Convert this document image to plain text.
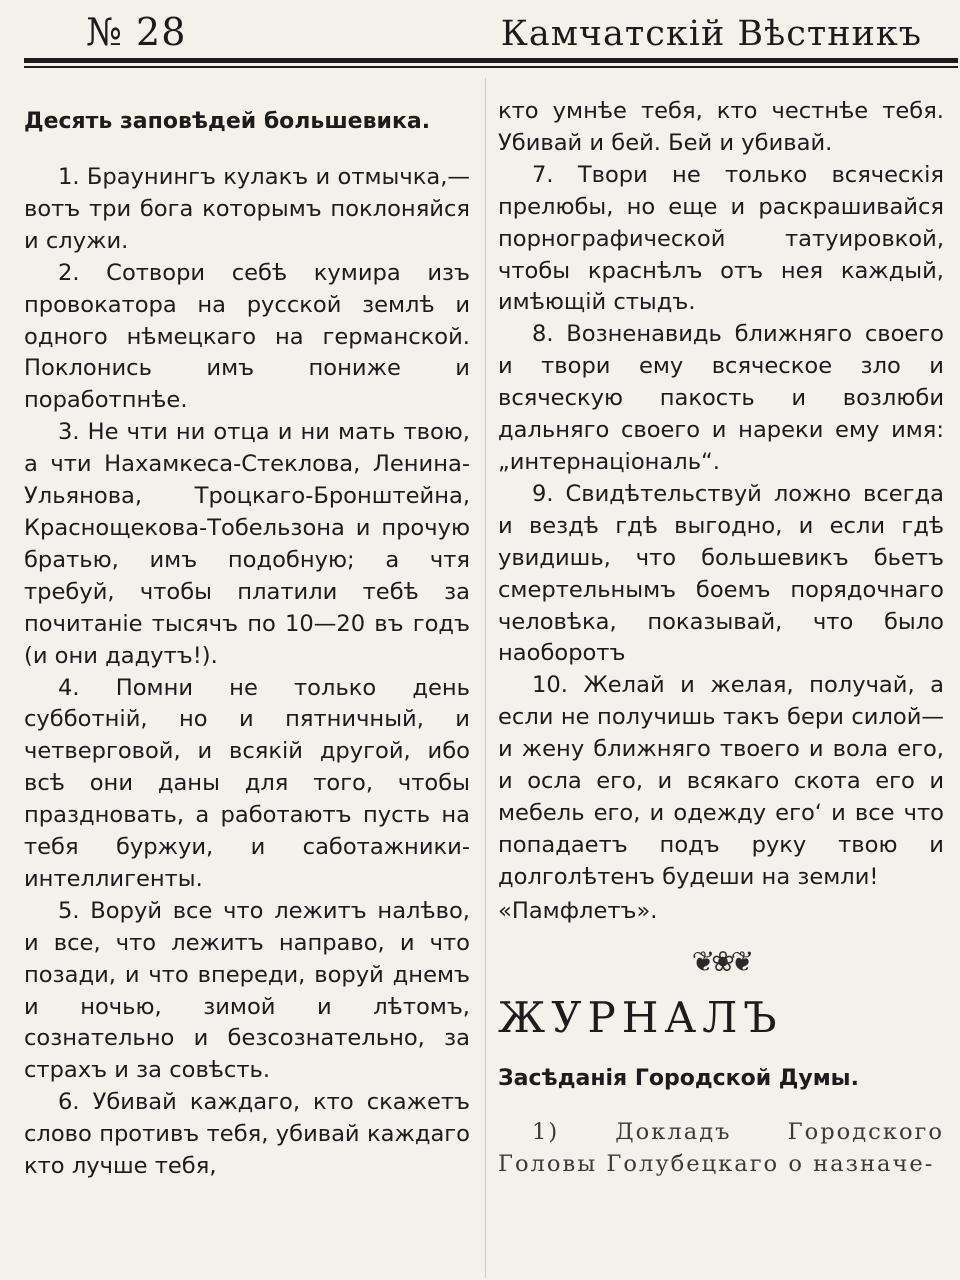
№ 28	Камчатскій Вѣстникъ

Десять заповѣдей большевика.

1. Браунингъ кулакъ и отмычка,— вотъ три бога которымъ поклоняйся и служи.

2. Сотвори себѣ кумира изъ провокатора на русской землѣ и одного нѣмецкаго на германской. Поклонись имъ пониже и поработпнѣе.

3. Не чти ни отца и ни мать твою, а чти Нахамкеса-Стеклова, Ленина-Ульянова, Троцкаго-Бронштейна, Краснощекова-Тобельзона и прочую братью, имъ подобную; а чтя требуй, чтобы платили тебѣ за почитаніе тысячъ по 10—20 въ годъ (и они дадутъ!).

4. Помни не только день субботній, но и пятничный, и четверговой, и всякій другой, ибо всѣ они даны для того, чтобы праздновать, а работаютъ пусть на тебя буржуи, и саботажники-интеллигенты.

5. Воруй все что лежитъ налѣво, и все, что лежитъ направо, и что позади, и что впереди, воруй днемъ и ночью, зимой и лѣтомъ, сознательно и безсознательно, за страхъ и за совѣсть.

6. Убивай каждаго, кто скажетъ слово противъ тебя, убивай каждаго кто лучше тебя,

кто умнѣе тебя, кто честнѣе тебя. Убивай и бей. Бей и убивай.

7. Твори не только всяческія прелюбы, но еще и раскрашивайся порнографической татуировкой, чтобы краснѣлъ отъ нея каждый, имѣющій стыдъ.

8. Возненавидь ближняго своего и твори ему всяческое зло и всяческую пакость и возлюби дальняго своего и нареки ему имя: „интернаціональ“.

9. Свидѣтельствуй ложно всегда и вездѣ гдѣ выгодно, и если гдѣ увидишь, что большевикъ бьетъ смертельнымъ боемъ порядочнаго человѣка, показывай, что было наоборотъ

10. Желай и желая, получай, а если не получишь такъ бери силой—и жену ближняго твоего и вола его, и осла его, и всякаго скота его и мебель его, и одежду его‘ и все что попадаетъ подъ руку твою и долголѣтенъ будеши на земли!

«Памфлетъ».

❦❀❦

ЖУРНАЛЪ

Засѣданія Городской Думы.

1) Докладъ Городского Головы Голубецкаго о назначе-
